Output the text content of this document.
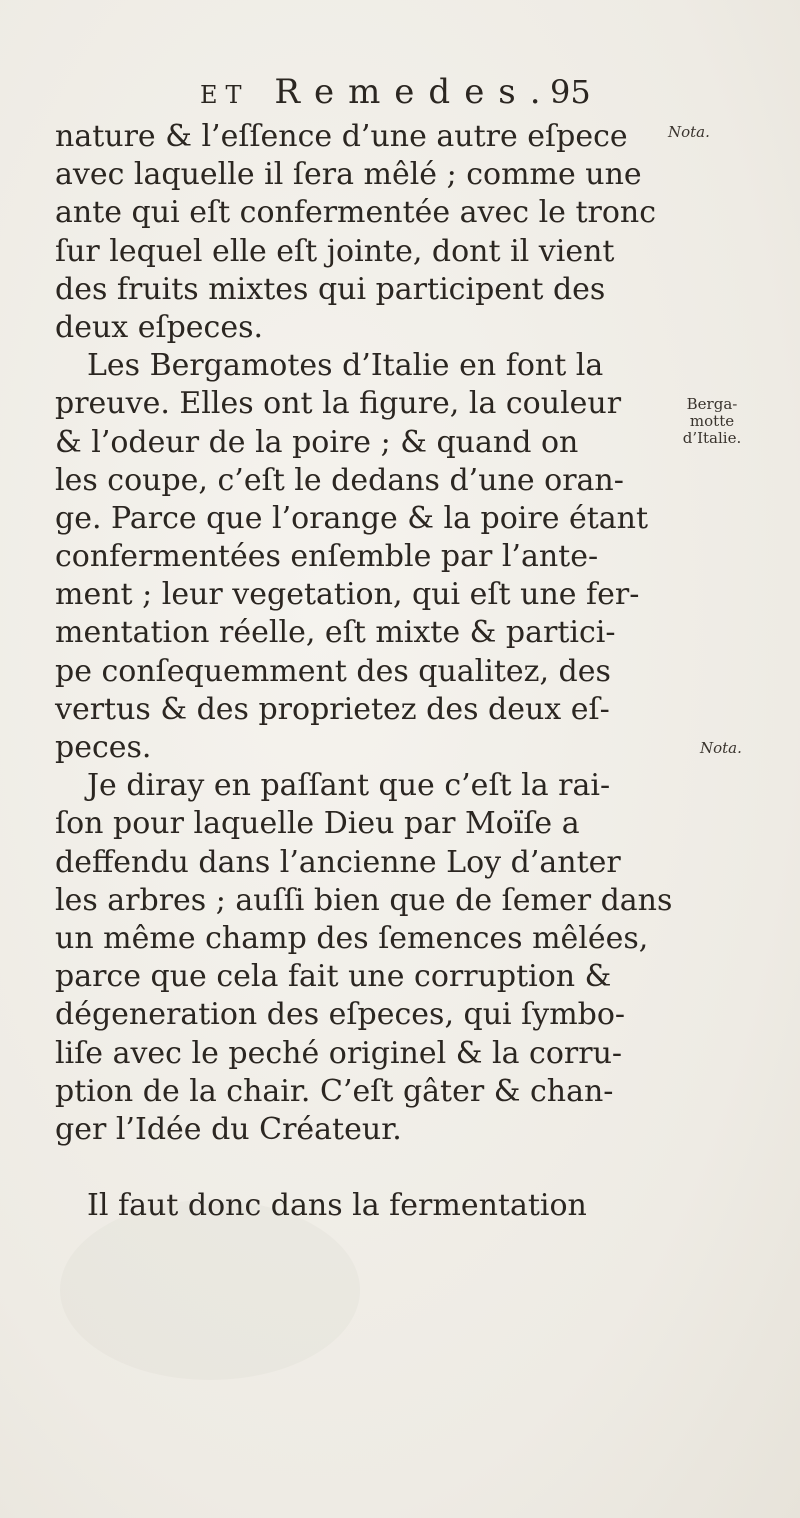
ET Remedes.
95
nature & l’eſſence d’une autre eſpece
avec laquelle il ſera mêlé ; comme une
ante qui eſt confermentée avec le tronc
ſur lequel elle eſt jointe, dont il vient
des fruits mixtes qui participent des
deux eſpeces.
Les Bergamotes d’Italie en font la
preuve. Elles ont la figure, la couleur
& l’odeur de la poire ; & quand on
les coupe, c’eſt le dedans d’une oran-
ge. Parce que l’orange & la poire étant
confermentées enſemble par l’ante-
ment ; leur vegetation, qui eſt une fer-
mentation réelle, eſt mixte & partici-
pe conſequemment des qualitez, des
vertus & des proprietez des deux eſ-
peces.
Je diray en paſſant que c’eſt la rai-
ſon pour laquelle Dieu par Moïſe a
deffendu dans l’ancienne Loy d’anter
les arbres ; auſſi bien que de ſemer dans
un même champ des ſemences mêlées,
parce que cela fait une corruption &
dégeneration des eſpeces, qui ſymbo-
liſe avec le peché originel & la corru-
ption de la chair. C’eſt gâter & chan-
ger l’Idée du Créateur.
Il faut donc dans la fermentation
Nota.
Berga-
motte
d’Italie.
Nota.
